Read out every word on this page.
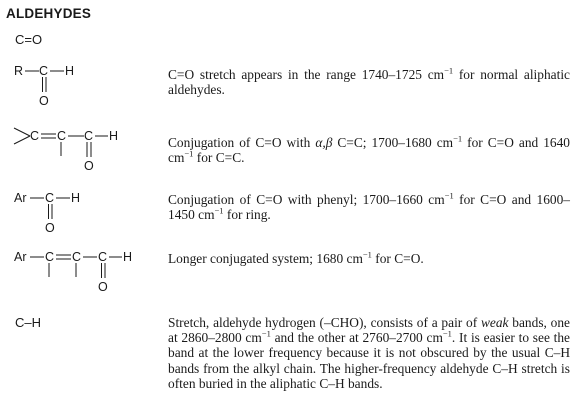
ALDEHYDES
C=O
R C H
O
C=O stretch appears in the range 1740–1725 $cm^{-1}$ for normal aliphatic aldehydes.
C C C H
O
Conjugation of C=O with α,β C=C; 1700–1680 $cm^{-1}$ for C=O and 1640 $cm^{-1}$ for C=C.
Ar C H
O
Conjugation of C=O with phenyl; 1700–1660 $cm^{-1}$ for C=O and 1600–1450 $cm^{-1}$ for ring.
Ar C C C H
O
Longer conjugated system; 1680 $cm^{-1}$ for C=O.
C–H	Stretch, aldehyde hydrogen (–CHO), consists of a pair of weak bands, one at 2860–2800 $cm^{-1}$ and the other at 2760–2700 $cm^{-1}$. It is easier to see the band at the lower frequency because it is not obscured by the usual C–H bands from the alkyl chain. The higher-frequency aldehyde C–H stretch is often buried in the aliphatic C–H bands.
